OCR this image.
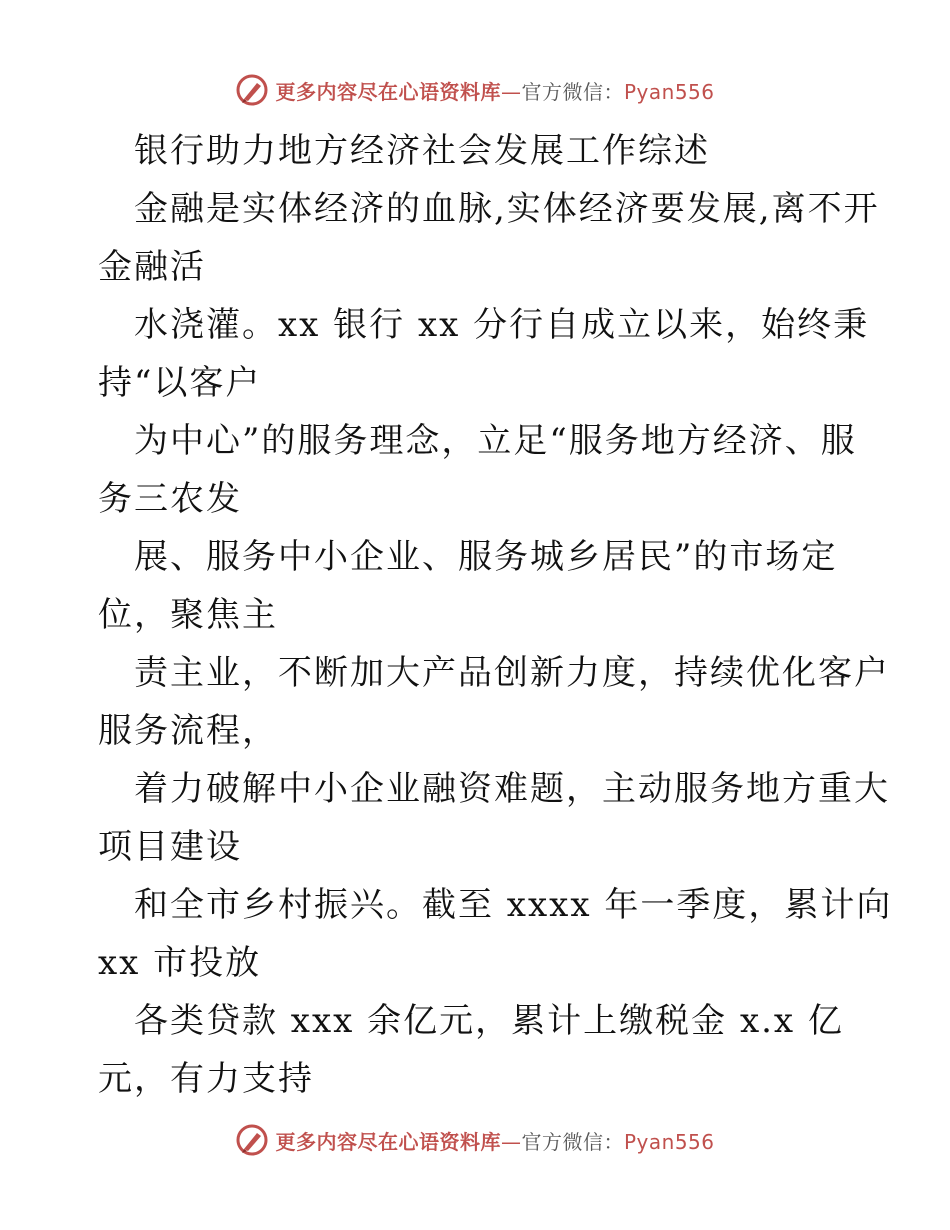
更多内容尽在心语资料库—官方微信：Pyan556
银行助力地方经济社会发展工作综述
金融是实体经济的血脉,实体经济要发展,离不开
金融活
水浇灌。xx 银行 xx 分行自成立以来，始终秉
持“以客户
为中心”的服务理念，立足“服务地方经济、服
务三农发
展、服务中小企业、服务城乡居民”的市场定
位，聚焦主
责主业，不断加大产品创新力度，持续优化客户
服务流程，
着力破解中小企业融资难题，主动服务地方重大
项目建设
和全市乡村振兴。截至 xxxx 年一季度，累计向
xx 市投放
各类贷款 xxx 余亿元，累计上缴税金 x.x 亿
元，有力支持
更多内容尽在心语资料库—官方微信：Pyan556
